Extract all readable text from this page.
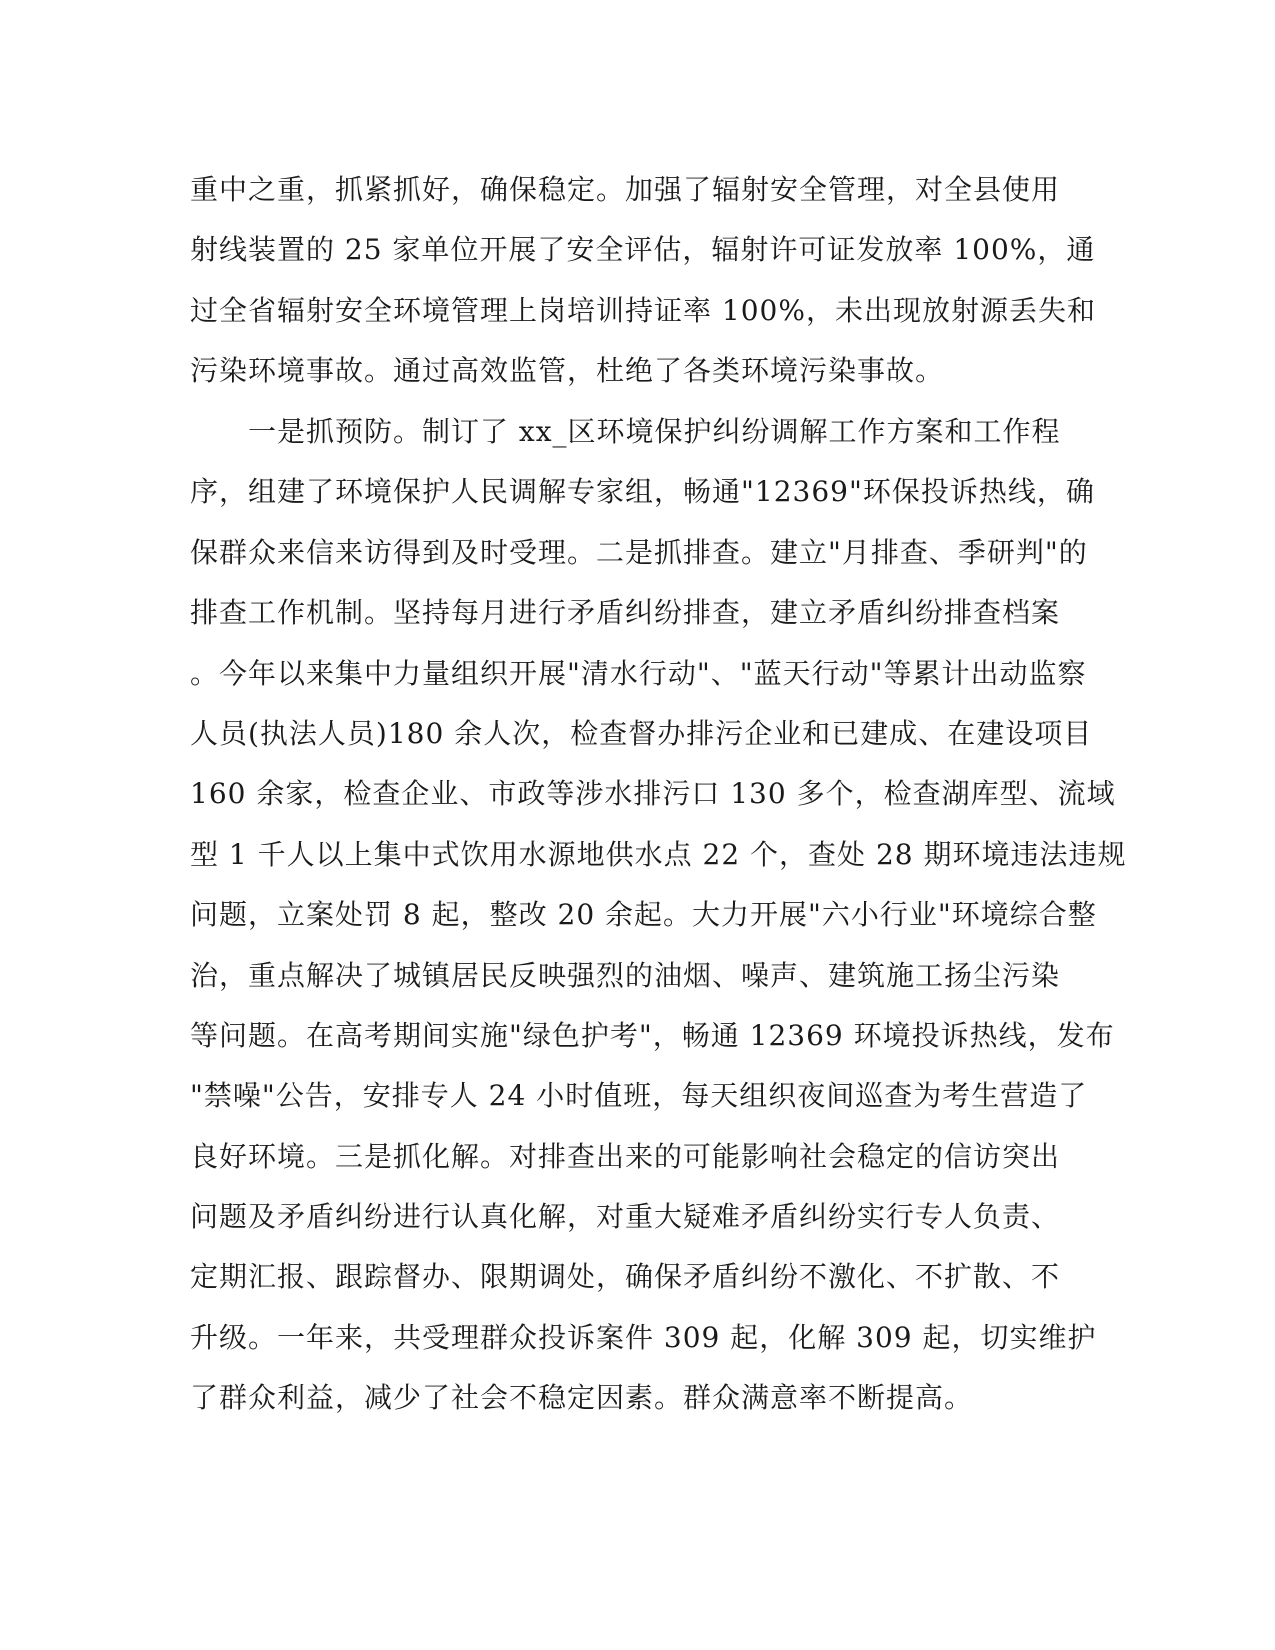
重中之重，抓紧抓好，确保稳定。加强了辐射安全管理，对全县使用
射线装置的 25 家单位开展了安全评估，辐射许可证发放率 100%，通
过全省辐射安全环境管理上岗培训持证率 100%，未出现放射源丢失和
污染环境事故。通过高效监管，杜绝了各类环境污染事故。
　　一是抓预防。制订了 xx_区环境保护纠纷调解工作方案和工作程
序，组建了环境保护人民调解专家组，畅通"12369"环保投诉热线，确
保群众来信来访得到及时受理。二是抓排查。建立"月排查、季研判"的
排查工作机制。坚持每月进行矛盾纠纷排查，建立矛盾纠纷排查档案
。今年以来集中力量组织开展"清水行动"、"蓝天行动"等累计出动监察
人员(执法人员)180 余人次，检查督办排污企业和已建成、在建设项目
160 余家，检查企业、市政等涉水排污口 130 多个，检查湖库型、流域
型 1 千人以上集中式饮用水源地供水点 22 个，查处 28 期环境违法违规
问题，立案处罚 8 起，整改 20 余起。大力开展"六小行业"环境综合整
治，重点解决了城镇居民反映强烈的油烟、噪声、建筑施工扬尘污染
等问题。在高考期间实施"绿色护考"，畅通 12369 环境投诉热线，发布
"禁噪"公告，安排专人 24 小时值班，每天组织夜间巡查为考生营造了
良好环境。三是抓化解。对排查出来的可能影响社会稳定的信访突出
问题及矛盾纠纷进行认真化解，对重大疑难矛盾纠纷实行专人负责、
定期汇报、跟踪督办、限期调处，确保矛盾纠纷不激化、不扩散、不
升级。一年来，共受理群众投诉案件 309 起，化解 309 起，切实维护
了群众利益，减少了社会不稳定因素。群众满意率不断提高。
